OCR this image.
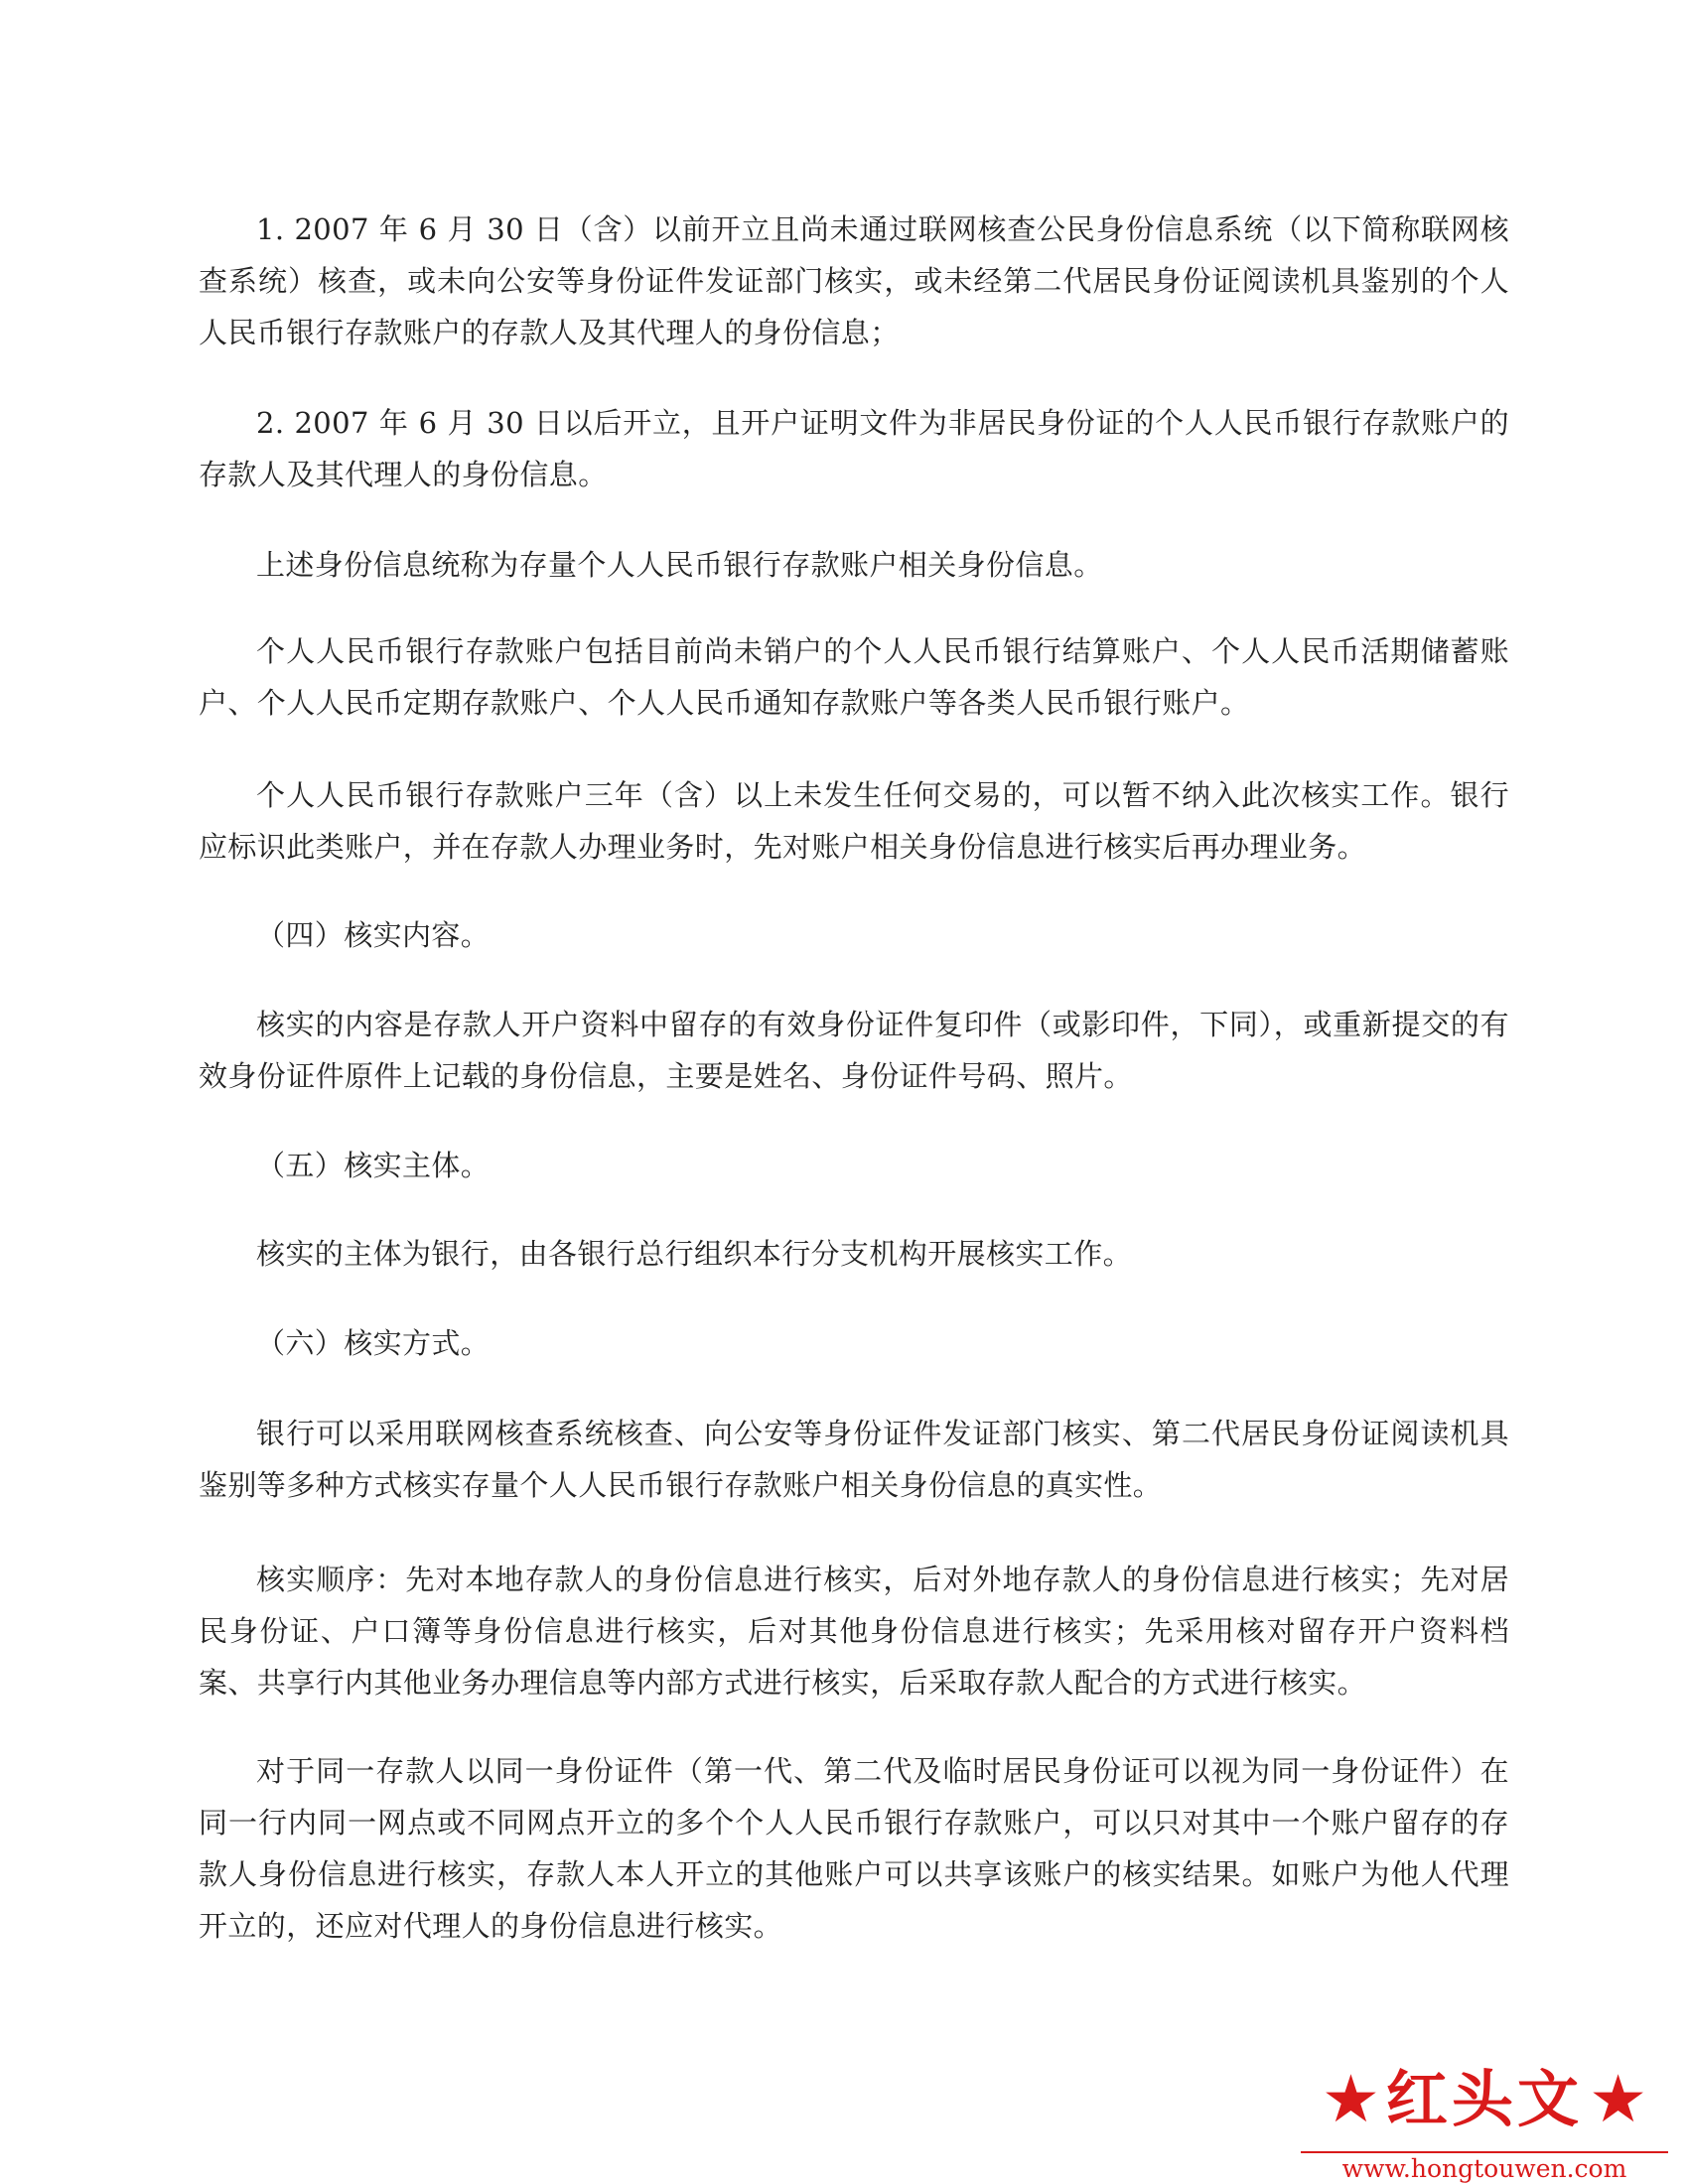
1. 2007 年 6 月 30 日（含）以前开立且尚未通过联网核查公民身份信息系统（以下简称联网核查系统）核查，或未向公安等身份证件发证部门核实，或未经第二代居民身份证阅读机具鉴别的个人人民币银行存款账户的存款人及其代理人的身份信息；

2. 2007 年 6 月 30 日以后开立，且开户证明文件为非居民身份证的个人人民币银行存款账户的存款人及其代理人的身份信息。

上述身份信息统称为存量个人人民币银行存款账户相关身份信息。

个人人民币银行存款账户包括目前尚未销户的个人人民币银行结算账户、个人人民币活期储蓄账户、个人人民币定期存款账户、个人人民币通知存款账户等各类人民币银行账户。

个人人民币银行存款账户三年（含）以上未发生任何交易的，可以暂不纳入此次核实工作。银行应标识此类账户，并在存款人办理业务时，先对账户相关身份信息进行核实后再办理业务。

（四）核实内容。

核实的内容是存款人开户资料中留存的有效身份证件复印件（或影印件，下同），或重新提交的有效身份证件原件上记载的身份信息，主要是姓名、身份证件号码、照片。

（五）核实主体。

核实的主体为银行，由各银行总行组织本行分支机构开展核实工作。

（六）核实方式。

银行可以采用联网核查系统核查、向公安等身份证件发证部门核实、第二代居民身份证阅读机具鉴别等多种方式核实存量个人人民币银行存款账户相关身份信息的真实性。

核实顺序：先对本地存款人的身份信息进行核实，后对外地存款人的身份信息进行核实；先对居民身份证、户口簿等身份信息进行核实，后对其他身份信息进行核实；先采用核对留存开户资料档案、共享行内其他业务办理信息等内部方式进行核实，后采取存款人配合的方式进行核实。

对于同一存款人以同一身份证件（第一代、第二代及临时居民身份证可以视为同一身份证件）在同一行内同一网点或不同网点开立的多个个人人民币银行存款账户，可以只对其中一个账户留存的存款人身份信息进行核实，存款人本人开立的其他账户可以共享该账户的核实结果。如账户为他人代理开立的，还应对代理人的身份信息进行核实。

★ 红头文 ★
www.hongtouwen.com
